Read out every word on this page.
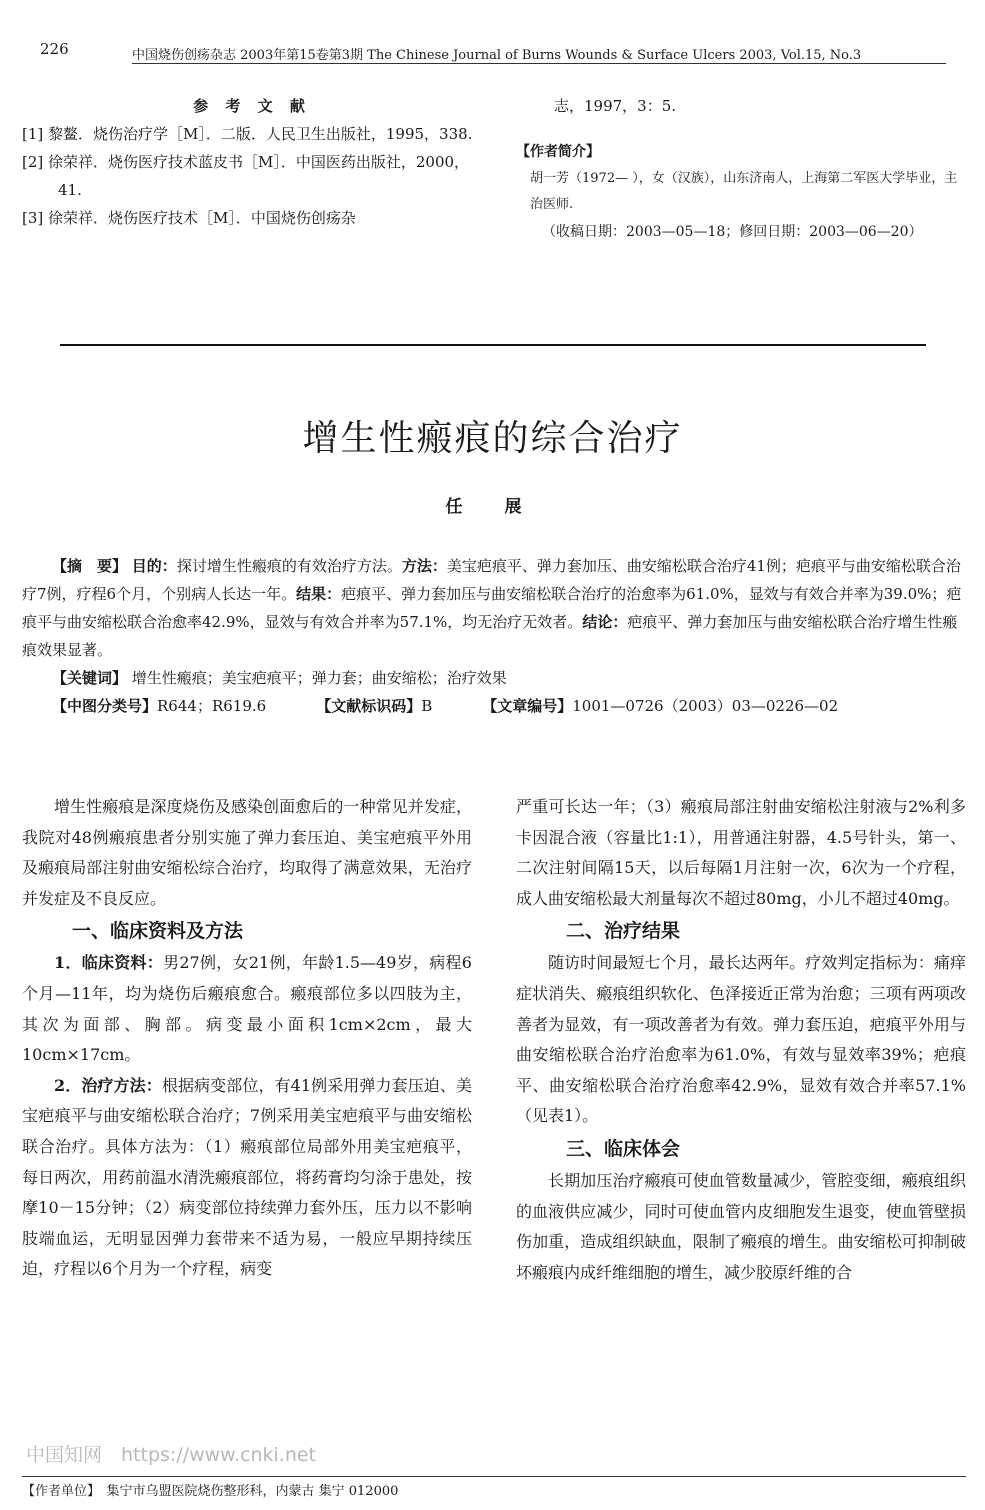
226	中国烧伤创疡杂志 2003年第15卷第3期 The Chinese Journal of Burns Wounds & Surface Ulcers 2003, Vol.15, No.3
参 考 文 献
[1] 黎鳌．烧伤治疗学［M］．二版．人民卫生出版社，1995，338.
[2] 徐荣祥．烧伤医疗技术蓝皮书［M］．中国医药出版社，2000，41.
[3] 徐荣祥．烧伤医疗技术［M］．中国烧伤创疡杂
志，1997，3：5.
【作者简介】
胡一芳（1972— ），女（汉族），山东济南人，上海第二军医大学毕业，主治医师.
（收稿日期：2003—05—18；修回日期：2003—06—20）
增生性瘢痕的综合治疗
任 展

【摘　要】 目的：探讨增生性瘢痕的有效治疗方法。方法：美宝疤痕平、弹力套加压、曲安缩松联合治疗41例；疤痕平与曲安缩松联合治疗7例，疗程6个月，个别病人长达一年。结果：疤痕平、弹力套加压与曲安缩松联合治疗的治愈率为61.0%，显效与有效合并率为39.0%；疤痕平与曲安缩松联合治愈率42.9%，显效与有效合并率为57.1%，均无治疗无效者。结论：疤痕平、弹力套加压与曲安缩松联合治疗增生性瘢痕效果显著。

【关键词】 增生性瘢痕；美宝疤痕平；弹力套；曲安缩松；治疗效果
【中图分类号】R644；R619.6	【文献标识码】B	【文章编号】1001—0726（2003）03—0226—02

增生性瘢痕是深度烧伤及感染创面愈后的一种常见并发症，我院对48例瘢痕患者分别实施了弹力套压迫、美宝疤痕平外用及瘢痕局部注射曲安缩松综合治疗，均取得了满意效果，无治疗并发症及不良反应。

一、临床资料及方法

1．临床资料：男27例，女21例，年龄1.5—49岁，病程6个月—11年，均为烧伤后瘢痕愈合。瘢痕部位多以四肢为主，其次为面部、胸部。病变最小面积1cm×2cm，最大10cm×17cm。

2．治疗方法：根据病变部位，有41例采用弹力套压迫、美宝疤痕平与曲安缩松联合治疗；7例采用美宝疤痕平与曲安缩松联合治疗。具体方法为：（1）瘢痕部位局部外用美宝疤痕平，每日两次，用药前温水清洗瘢痕部位，将药膏均匀涂于患处，按摩10－15分钟；（2）病变部位持续弹力套外压，压力以不影响肢端血运，无明显因弹力套带来不适为易，一般应早期持续压迫，疗程以6个月为一个疗程，病变

严重可长达一年；（3）瘢痕局部注射曲安缩松注射液与2%利多卡因混合液（容量比1:1），用普通注射器，4.5号针头，第一、二次注射间隔15天，以后每隔1月注射一次，6次为一个疗程，成人曲安缩松最大剂量每次不超过80mg，小儿不超过40mg。

二、治疗结果

随访时间最短七个月，最长达两年。疗效判定指标为：痛痒症状消失、瘢痕组织软化、色泽接近正常为治愈；三项有两项改善者为显效，有一项改善者为有效。弹力套压迫，疤痕平外用与曲安缩松联合治疗治愈率为61.0%，有效与显效率39%；疤痕平、曲安缩松联合治疗治愈率42.9%，显效有效合并率57.1%（见表1）。

三、临床体会

长期加压治疗瘢痕可使血管数量减少，管腔变细，瘢痕组织的血液供应减少，同时可使血管内皮细胞发生退变，使血管壁损伤加重，造成组织缺血，限制了瘢痕的增生。曲安缩松可抑制破坏瘢痕内成纤维细胞的增生，减少胶原纤维的合

中国知网　https://www.cnki.net
【作者单位】　集宁市乌盟医院烧伤整形科，内蒙古 集宁 012000
